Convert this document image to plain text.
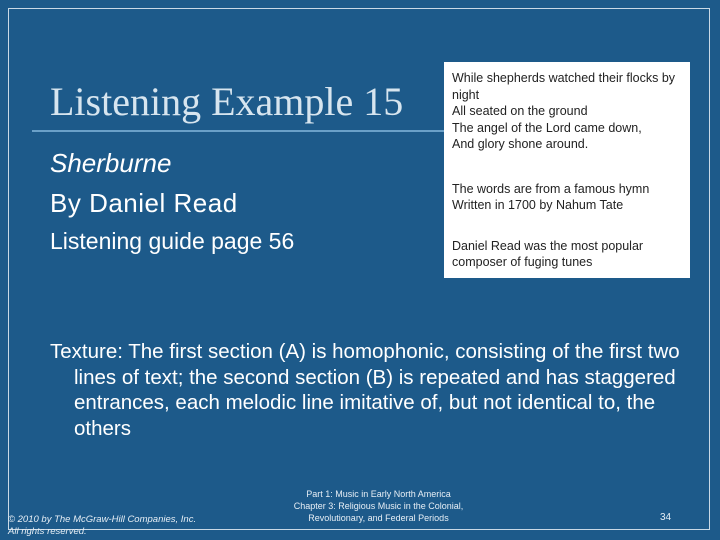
Listening Example 15
Sherburne
By Daniel Read
Listening guide page 56

While shepherds watched their flocks by night
All seated on the ground
The angel of the Lord came down,
And glory shone around.

The words are from a famous hymn
Written in 1700 by Nahum Tate

Daniel Read was the most popular composer of fuging tunes

Texture: The first section (A) is homophonic, consisting of the first two lines of text; the second section (B) is repeated and has staggered entrances, each melodic line imitative of, but not identical to, the others

© 2010 by The McGraw-Hill Companies, Inc.
All rights reserved.
Part 1: Music in Early North America
Chapter 3: Religious Music in the Colonial,
Revolutionary, and Federal Periods	34
